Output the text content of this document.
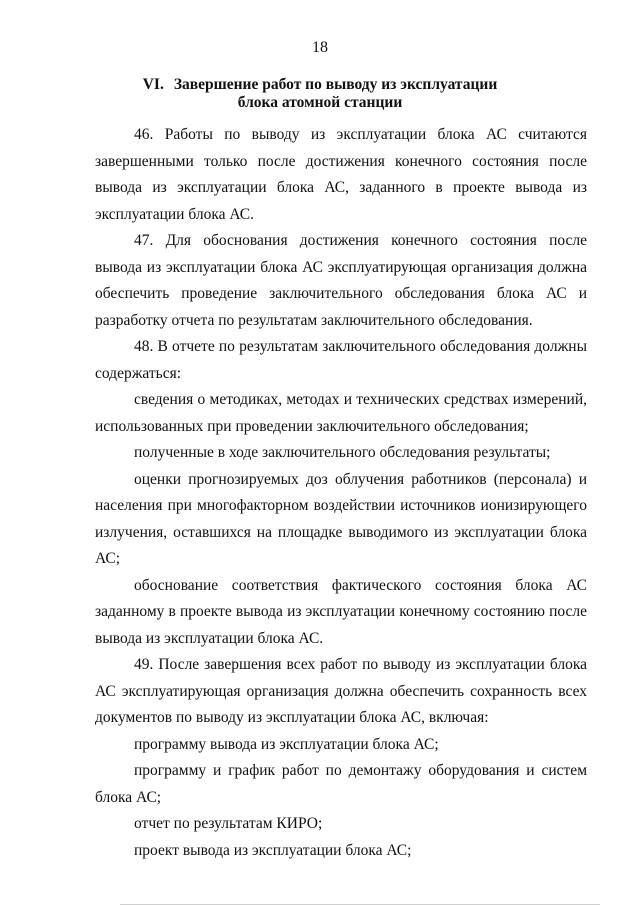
18
VI. Завершение работ по выводу из эксплуатации
блока атомной станции

46. Работы по выводу из эксплуатации блока АС считаются завершенными только после достижения конечного состояния после вывода из эксплуатации блока АС, заданного в проекте вывода из эксплуатации блока АС.

47. Для обоснования достижения конечного состояния после вывода из эксплуатации блока АС эксплуатирующая организация должна обеспечить проведение заключительного обследования блока АС и разработку отчета по результатам заключительного обследования.

48. В отчете по результатам заключительного обследования должны содержаться:

сведения о методиках, методах и технических средствах измерений, использованных при проведении заключительного обследования;

полученные в ходе заключительного обследования результаты;

оценки прогнозируемых доз облучения работников (персонала) и населения при многофакторном воздействии источников ионизирующего излучения, оставшихся на площадке выводимого из эксплуатации блока АС;

обоснование соответствия фактического состояния блока АС заданному в проекте вывода из эксплуатации конечному состоянию после вывода из эксплуатации блока АС.

49. После завершения всех работ по выводу из эксплуатации блока АС эксплуатирующая организация должна обеспечить сохранность всех документов по выводу из эксплуатации блока АС, включая:

программу вывода из эксплуатации блока АС;

программу и график работ по демонтажу оборудования и систем блока АС;

отчет по результатам КИРО;

проект вывода из эксплуатации блока АС;
